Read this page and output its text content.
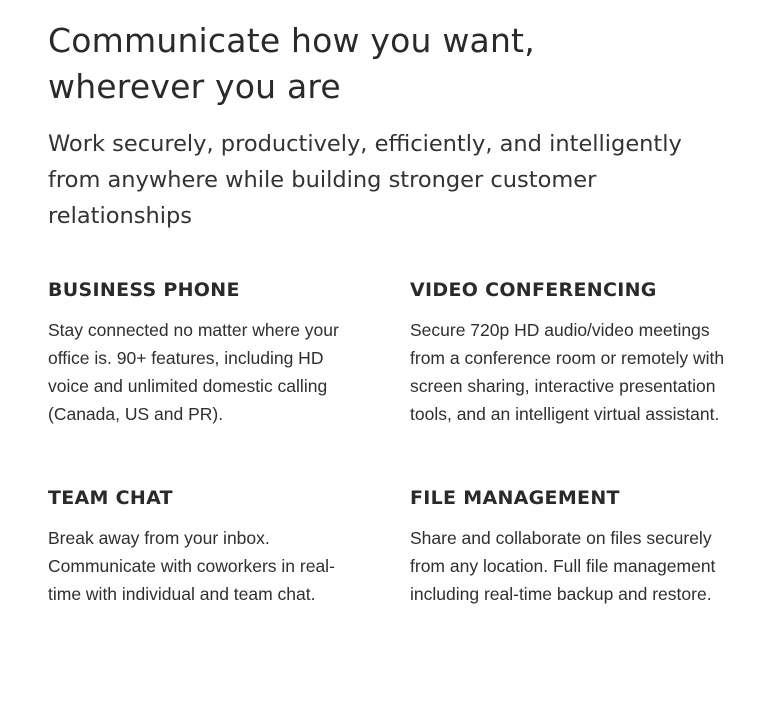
Communicate how you want,
wherever you are

Work securely, productively, efficiently, and intelligently from anywhere while building stronger customer relationships

BUSINESS PHONE

Stay connected no matter where your office is. 90+ features, including HD voice and unlimited domestic calling (Canada, US and PR).

VIDEO CONFERENCING

Secure 720p HD audio/video meetings from a conference room or remotely with screen sharing, interactive presentation tools, and an intelligent virtual assistant.

TEAM CHAT

Break away from your inbox. Communicate with coworkers in real-time with individual and team chat.

FILE MANAGEMENT

Share and collaborate on files securely from any location. Full file management including real-time backup and restore.
